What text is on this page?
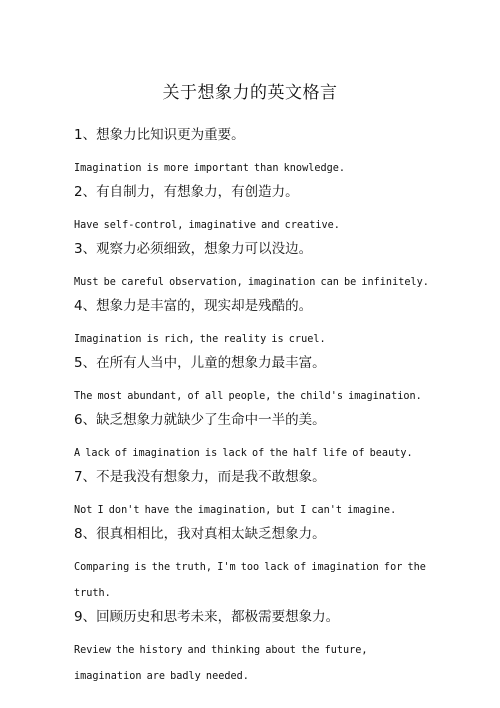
关于想象力的英文格言
1、想象力比知识更为重要。
Imagination is more important than knowledge.
2、有自制力，有想象力，有创造力。
Have self-control, imaginative and creative.
3、观察力必须细致，想象力可以没边。
Must be careful observation, imagination can be infinitely.
4、想象力是丰富的，现实却是残酷的。
Imagination is rich, the reality is cruel.
5、在所有人当中，儿童的想象力最丰富。
The most abundant, of all people, the child's imagination.
6、缺乏想象力就缺少了生命中一半的美。
A lack of imagination is lack of the half life of beauty.
7、不是我没有想象力，而是我不敢想象。
Not I don't have the imagination, but I can't imagine.
8、很真相相比，我对真相太缺乏想象力。
Comparing is the truth, I'm too lack of imagination for the truth.
9、回顾历史和思考未来，都极需要想象力。
Review the history and thinking about the future, imagination are badly needed.
